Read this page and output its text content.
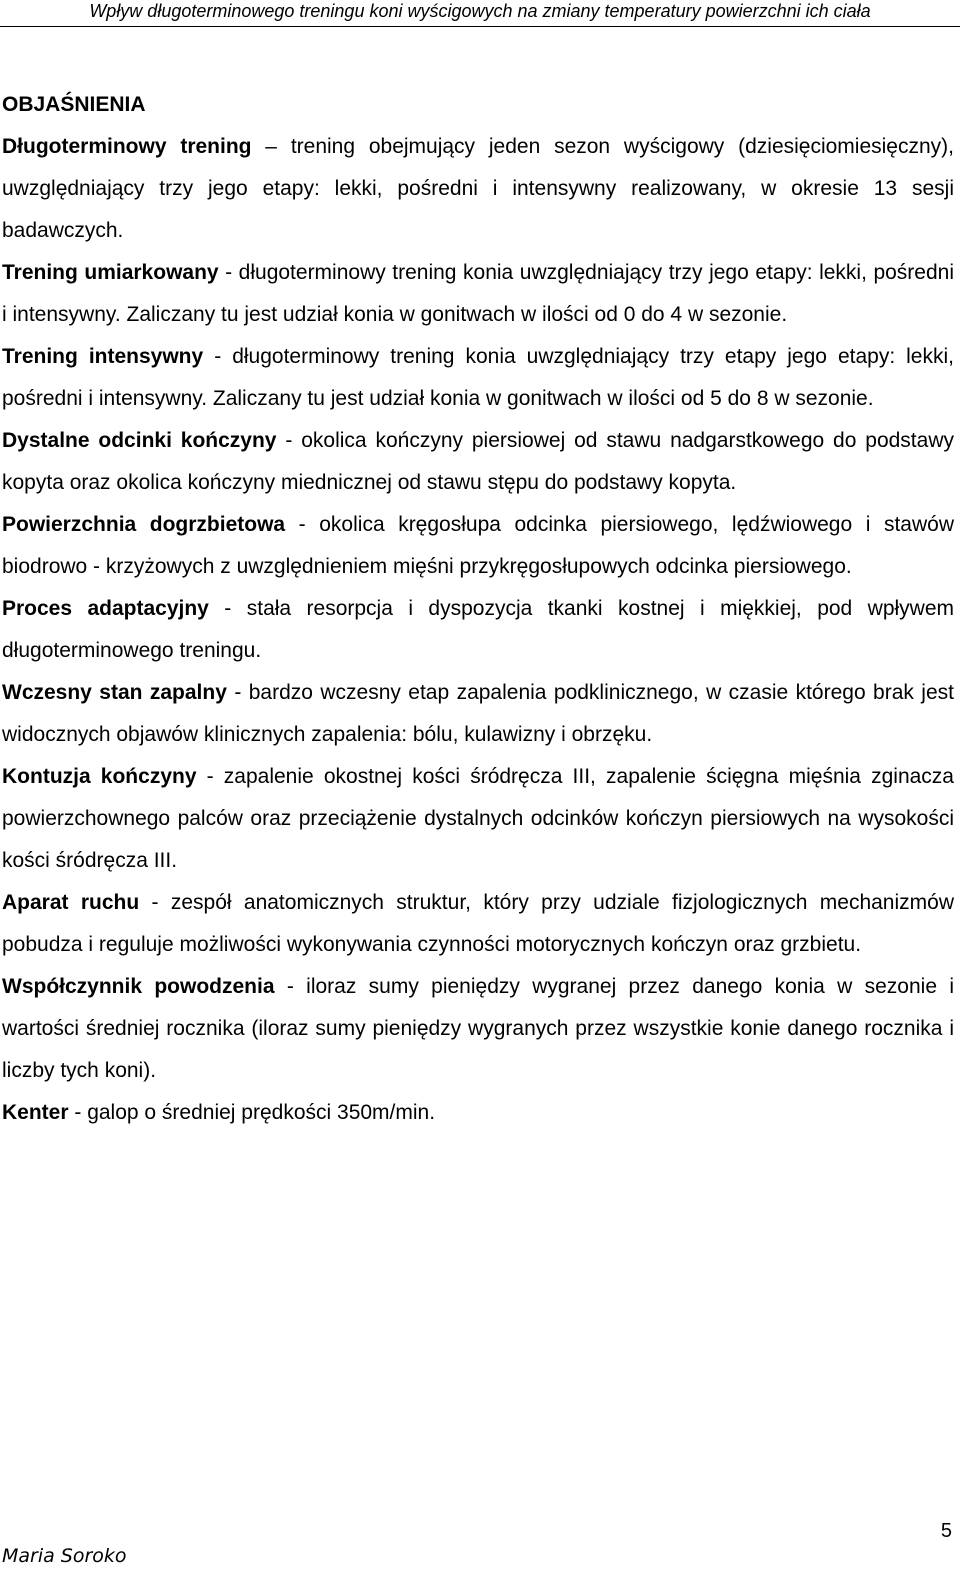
Wpływ długoterminowego treningu koni wyścigowych na zmiany temperatury powierzchni ich ciała

OBJAŚNIENIA

Długoterminowy trening – trening obejmujący jeden sezon wyścigowy (dziesięciomiesięczny), uwzględniający trzy jego etapy: lekki, pośredni i intensywny realizowany, w okresie 13 sesji badawczych.

Trening umiarkowany - długoterminowy trening konia uwzględniający trzy jego etapy: lekki, pośredni i intensywny. Zaliczany tu jest udział konia w gonitwach w ilości od 0 do 4 w sezonie.

Trening intensywny - długoterminowy trening konia uwzględniający trzy etapy jego etapy: lekki, pośredni i intensywny. Zaliczany tu jest udział konia w gonitwach w ilości od 5 do 8 w sezonie.

Dystalne odcinki kończyny - okolica kończyny piersiowej od stawu nadgarstkowego do podstawy kopyta oraz okolica kończyny miednicznej od stawu stępu do podstawy kopyta.

Powierzchnia dogrzbietowa - okolica kręgosłupa odcinka piersiowego, lędźwiowego i stawów biodrowo - krzyżowych z uwzględnieniem mięśni przykręgosłupowych odcinka piersiowego.

Proces adaptacyjny - stała resorpcja i dyspozycja tkanki kostnej i miękkiej, pod wpływem długoterminowego treningu.

Wczesny stan zapalny - bardzo wczesny etap zapalenia podklinicznego, w czasie którego brak jest widocznych objawów klinicznych zapalenia: bólu, kulawizny i obrzęku.

Kontuzja kończyny - zapalenie okostnej kości śródręcza III, zapalenie ścięgna mięśnia zginacza powierzchownego palców oraz przeciążenie dystalnych odcinków kończyn piersiowych na wysokości kości śródręcza III.

Aparat ruchu - zespół anatomicznych struktur, który przy udziale fizjologicznych mechanizmów pobudza i reguluje możliwości wykonywania czynności motorycznych kończyn oraz grzbietu.

Współczynnik powodzenia - iloraz sumy pieniędzy wygranej przez danego konia w sezonie i wartości średniej rocznika (iloraz sumy pieniędzy wygranych przez wszystkie konie danego rocznika i liczby tych koni).

Kenter - galop o średniej prędkości 350m/min.

5
Maria Soroko
